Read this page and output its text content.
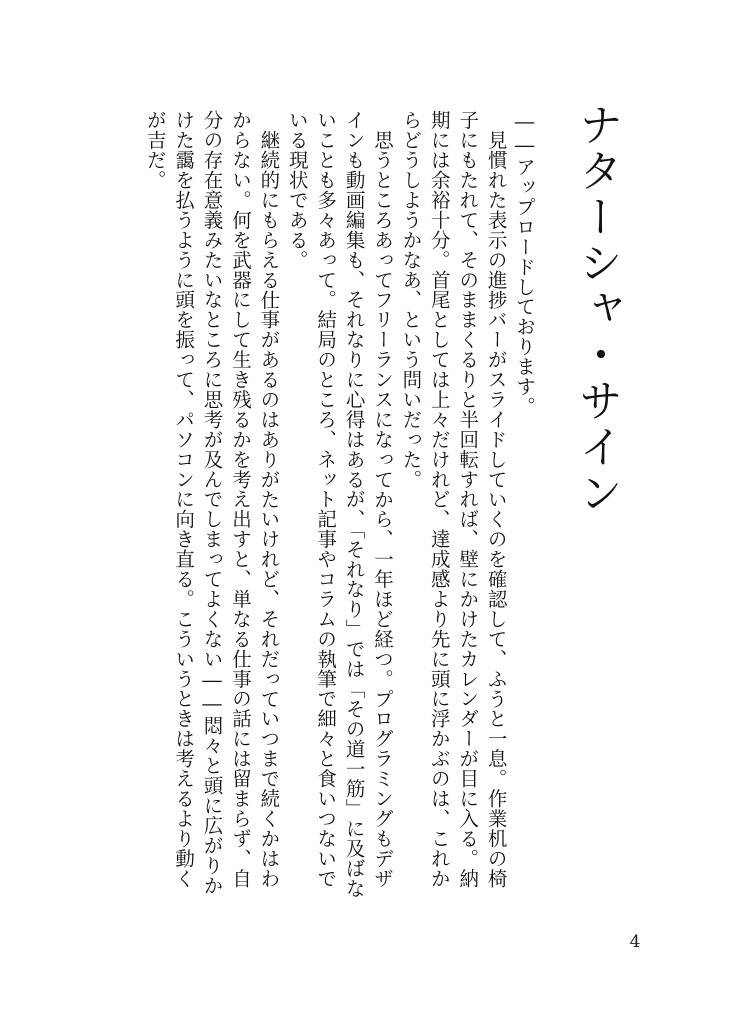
ナターシャ・サイン

――アップロードしております。

見慣れた表示の進捗バーがスライドしていくのを確認して、ふうと一息。作業机の椅子にもたれて、そのままくるりと半回転すれば、壁にかけたカレンダーが目に入る。納期には余裕十分。首尾としては上々だけれど、達成感より先に頭に浮かぶのは、これからどうしようかなあ、という問いだった。

思うところあってフリーランスになってから、一年ほど経つ。プログラミングもデザインも動画編集も、それなりに心得はあるが、「それなり」では「その道一筋」に及ばないことも多々あって。結局のところ、ネット記事やコラムの執筆で細々と食いつないでいる現状である。

継続的にもらえる仕事があるのはありがたいけれど、それだっていつまで続くかはわからない。何を武器にして生き残るかを考え出すと、単なる仕事の話には留まらず、自分の存在意義みたいなところに思考が及んでしまってよくない――悶々と頭に広がりかけた靄を払うように頭を振って、パソコンに向き直る。こういうときは考えるより動くが吉だ。

4
